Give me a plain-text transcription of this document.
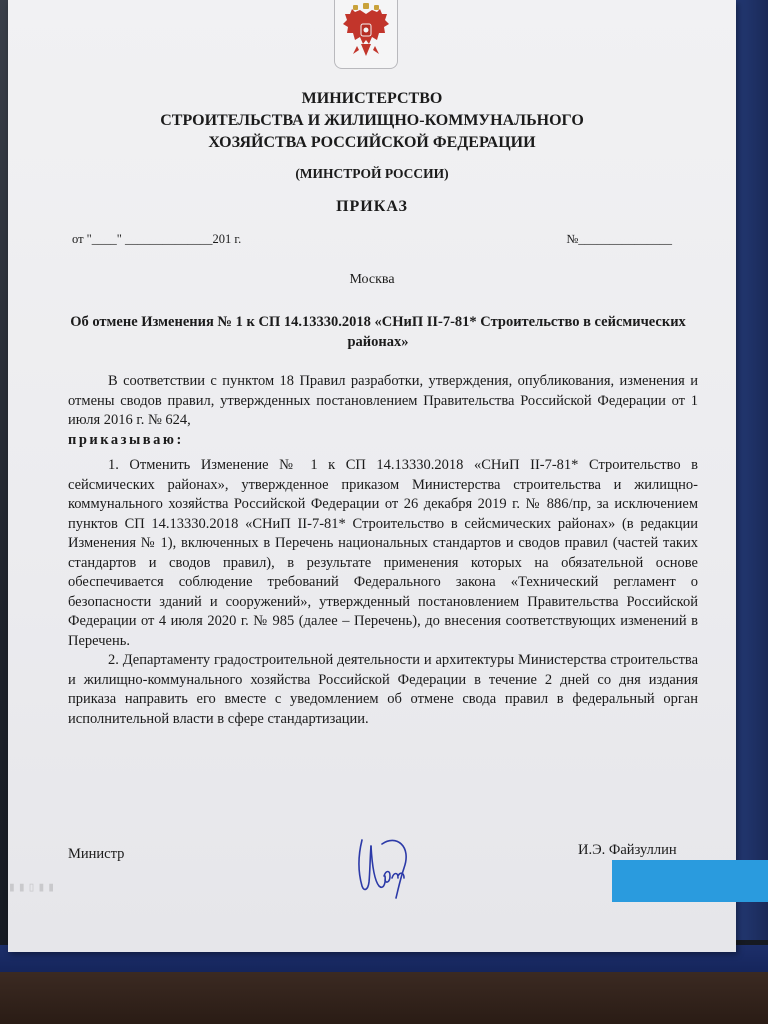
МИНИСТЕРСТВО
СТРОИТЕЛЬСТВА И ЖИЛИЩНО-КОММУНАЛЬНОГО
ХОЗЯЙСТВА РОССИЙСКОЙ ФЕДЕРАЦИИ
(МИНСТРОЙ РОССИИ)
ПРИКАЗ
от "____" ______________201 г.	№_______________
Москва
Об отмене Изменения № 1 к СП 14.13330.2018 «СНиП II-7-81* Строительство в сейсмических районах»

В соответствии с пунктом 18 Правил разработки, утверждения, опубликования, изменения и отмены сводов правил, утвержденных постановлением Правительства Российской Федерации от 1 июля 2016 г. № 624,

приказываю:

1. Отменить Изменение № 1 к СП 14.13330.2018 «СНиП II-7-81* Строительство в сейсмических районах», утвержденное приказом Министерства строительства и жилищно-коммунального хозяйства Российской Федерации от 26 декабря 2019 г. № 886/пр, за исключением пунктов СП 14.13330.2018 «СНиП II-7-81* Строительство в сейсмических районах» (в редакции Изменения № 1), включенных в Перечень национальных стандартов и сводов правил (частей таких стандартов и сводов правил), в результате применения которых на обязательной основе обеспечивается соблюдение требований Федерального закона «Технический регламент о безопасности зданий и сооружений», утвержденный постановлением Правительства Российской Федерации от 4 июля 2020 г. № 985 (далее – Перечень), до внесения соответствующих изменений в Перечень.

2. Департаменту градостроительной деятельности и архитектуры Министерства строительства и жилищно-коммунального хозяйства Российской Федерации в течение 2 дней со дня издания приказа направить его вместе с уведомлением об отмене свода правил в федеральный орган исполнительной власти в сфере стандартизации.

Министр	И.Э. Файзуллин
▮▮▯▮▮
